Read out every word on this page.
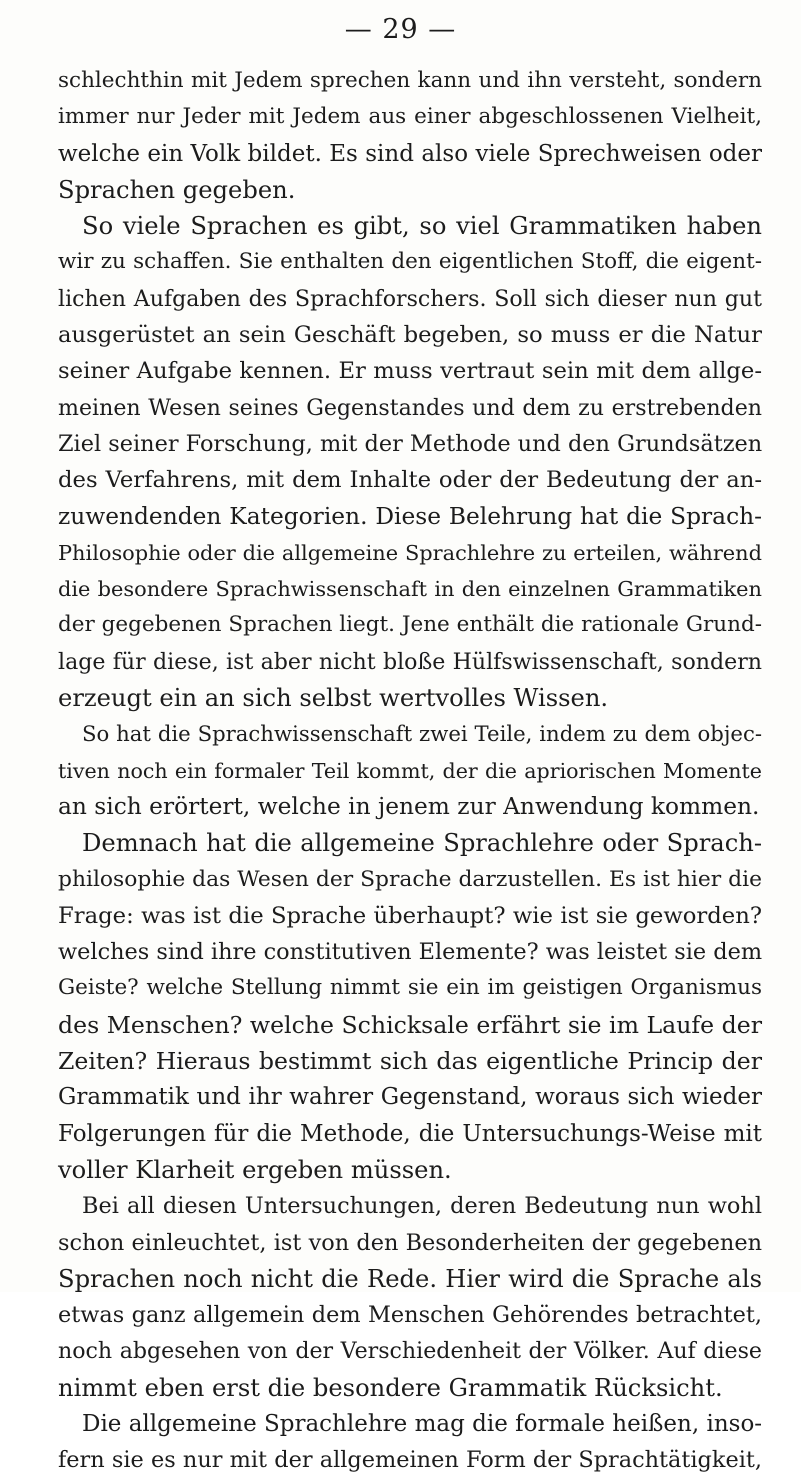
— 29 —
schlechthin mit Jedem sprechen kann und ihn versteht, sondern
immer nur Jeder mit Jedem aus einer abgeschlossenen Vielheit,
welche ein Volk bildet. Es sind also viele Sprechweisen oder
Sprachen gegeben.
So viele Sprachen es gibt, so viel Grammatiken haben
wir zu schaffen. Sie enthalten den eigentlichen Stoff, die eigent-
lichen Aufgaben des Sprachforschers. Soll sich dieser nun gut
ausgerüstet an sein Geschäft begeben, so muss er die Natur
seiner Aufgabe kennen. Er muss vertraut sein mit dem allge-
meinen Wesen seines Gegenstandes und dem zu erstrebenden
Ziel seiner Forschung, mit der Methode und den Grundsätzen
des Verfahrens, mit dem Inhalte oder der Bedeutung der an-
zuwendenden Kategorien. Diese Belehrung hat die Sprach-
Philosophie oder die allgemeine Sprachlehre zu erteilen, während
die besondere Sprachwissenschaft in den einzelnen Grammatiken
der gegebenen Sprachen liegt. Jene enthält die rationale Grund-
lage für diese, ist aber nicht bloße Hülfswissenschaft, sondern
erzeugt ein an sich selbst wertvolles Wissen.
So hat die Sprachwissenschaft zwei Teile, indem zu dem objec-
tiven noch ein formaler Teil kommt, der die apriorischen Momente
an sich erörtert, welche in jenem zur Anwendung kommen.
Demnach hat die allgemeine Sprachlehre oder Sprach-
philosophie das Wesen der Sprache darzustellen. Es ist hier die
Frage: was ist die Sprache überhaupt? wie ist sie geworden?
welches sind ihre constitutiven Elemente? was leistet sie dem
Geiste? welche Stellung nimmt sie ein im geistigen Organismus
des Menschen? welche Schicksale erfährt sie im Laufe der
Zeiten? Hieraus bestimmt sich das eigentliche Princip der
Grammatik und ihr wahrer Gegenstand, woraus sich wieder
Folgerungen für die Methode, die Untersuchungs-Weise mit
voller Klarheit ergeben müssen.
Bei all diesen Untersuchungen, deren Bedeutung nun wohl
schon einleuchtet, ist von den Besonderheiten der gegebenen
Sprachen noch nicht die Rede. Hier wird die Sprache als
etwas ganz allgemein dem Menschen Gehörendes betrachtet,
noch abgesehen von der Verschiedenheit der Völker. Auf diese
nimmt eben erst die besondere Grammatik Rücksicht.
Die allgemeine Sprachlehre mag die formale heißen, inso-
fern sie es nur mit der allgemeinen Form der Sprachtätigkeit,
